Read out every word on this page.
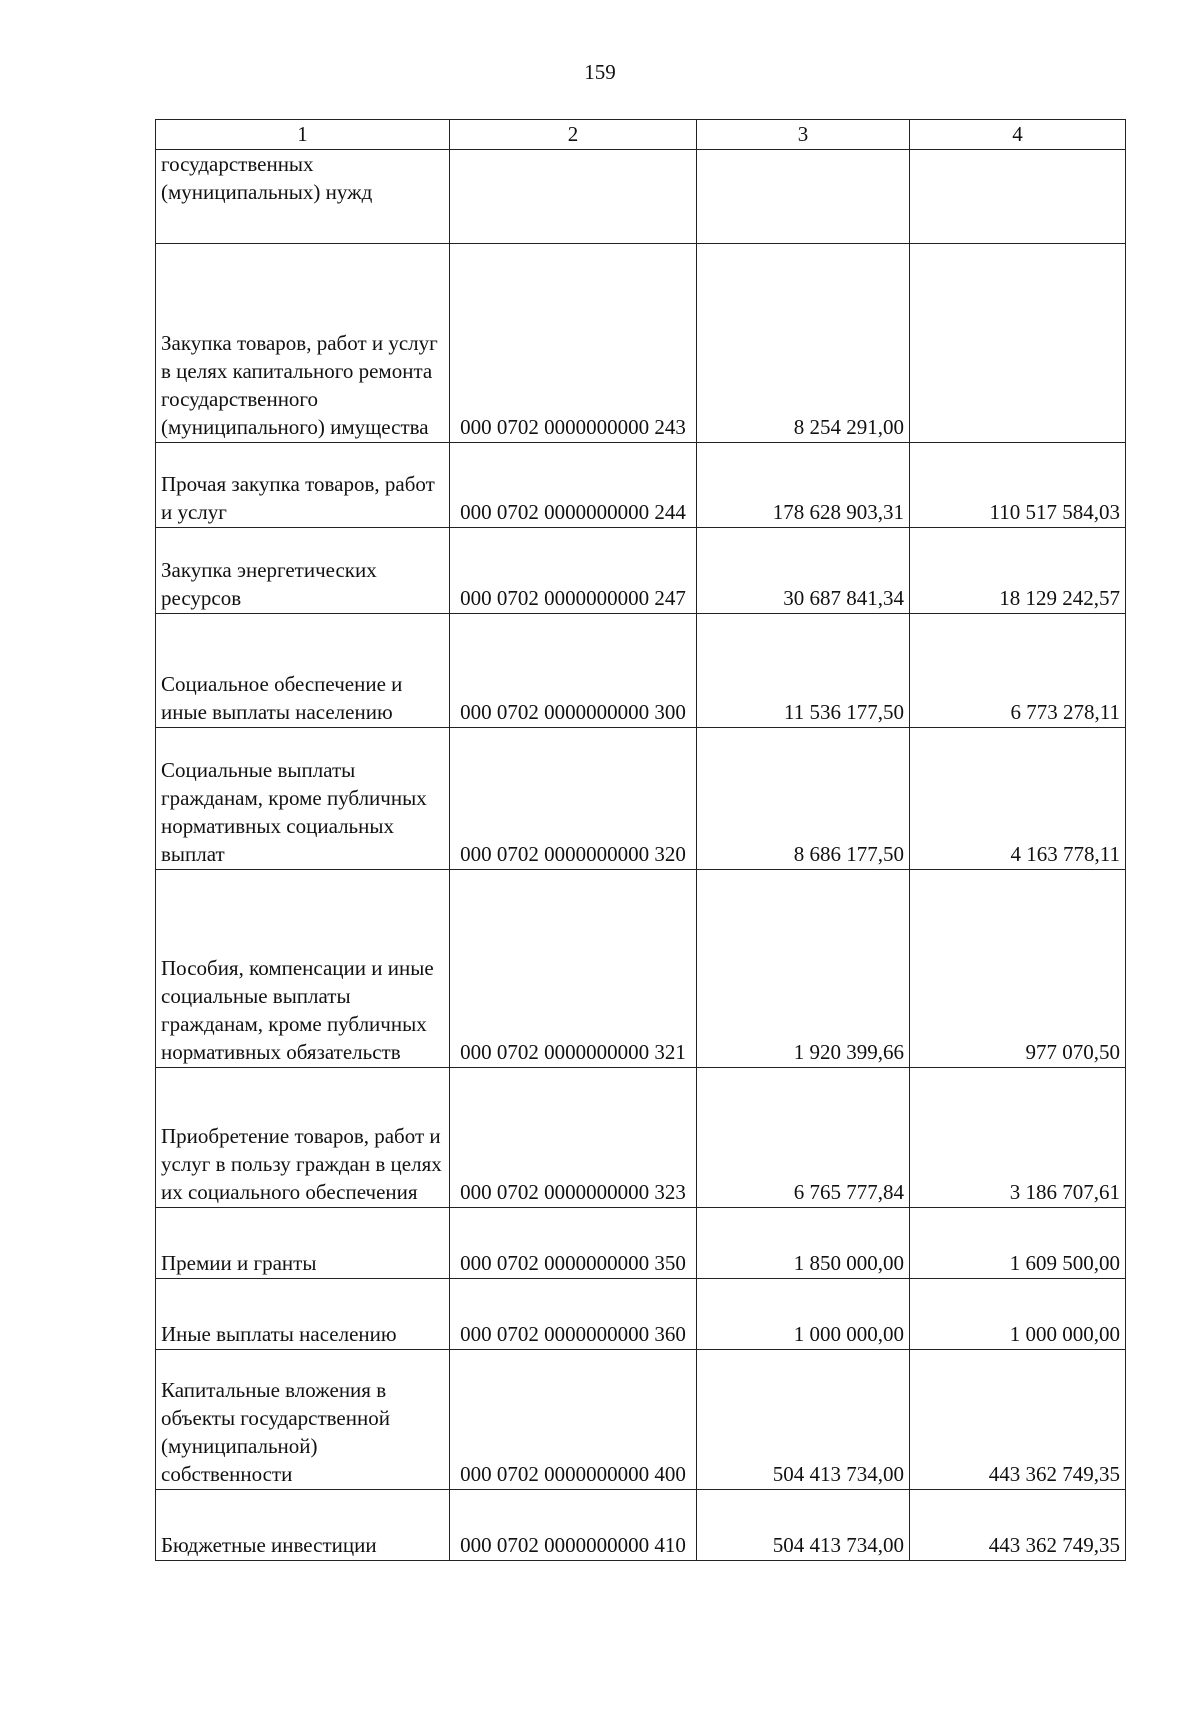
159
1	2	3	4
государственных (муниципальных) нужд			
Закупка товаров, работ и услуг в целях капитального ремонта государственного (муниципального) имущества	000 0702 0000000000 243	8 254 291,00	
Прочая закупка товаров, работ и услуг	000 0702 0000000000 244	178 628 903,31	110 517 584,03
Закупка энергетических ресурсов	000 0702 0000000000 247	30 687 841,34	18 129 242,57
Социальное обеспечение и иные выплаты населению	000 0702 0000000000 300	11 536 177,50	6 773 278,11
Социальные выплаты гражданам, кроме публичных нормативных социальных выплат	000 0702 0000000000 320	8 686 177,50	4 163 778,11
Пособия, компенсации и иные социальные выплаты гражданам, кроме публичных нормативных обязательств	000 0702 0000000000 321	1 920 399,66	977 070,50
Приобретение товаров, работ и услуг в пользу граждан в целях их социального обеспечения	000 0702 0000000000 323	6 765 777,84	3 186 707,61
Премии и гранты	000 0702 0000000000 350	1 850 000,00	1 609 500,00
Иные выплаты населению	000 0702 0000000000 360	1 000 000,00	1 000 000,00
Капитальные вложения в объекты государственной (муниципальной) собственности	000 0702 0000000000 400	504 413 734,00	443 362 749,35
Бюджетные инвестиции	000 0702 0000000000 410	504 413 734,00	443 362 749,35
